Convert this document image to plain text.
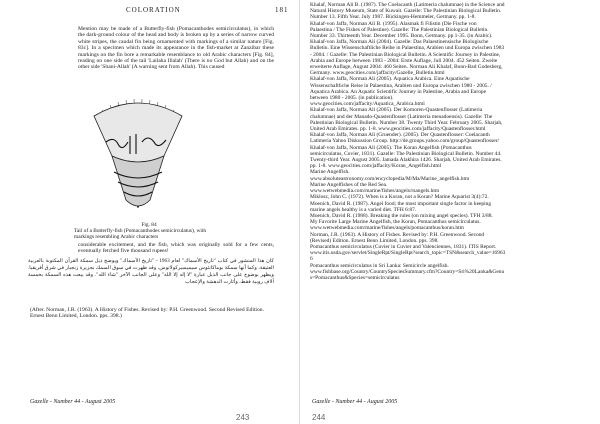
COLORATION	181

Mention may be made of a Butterfly-fish (Pomacanthodes semicirculatus), in which the dark-ground colour of the head and body is broken up by a series of narrow curved white stripes, the caudal fin being ornamented with markings of a similar nature [Fig. 83c]. In a specimen which made its appearance in the fish-market at Zanzibar these markings on the fin bore a remarkable resemblance to old Arabic characters [Fig. 84], reading on one side of the tail 'Lailaha Illalah' (There is no God but Allah) and on the other side 'Shani-Allah' (A warning sent from Allah). This caused

Fig. 84
Tail of a Butterfly-fish (Pomacanthodes semicirculatus), with markings resembling Arabic characters
considerable excitement, and the fish, which was originally sold for a few cents, eventually fetched five thousand rupees!
كان هذا المنشور في كتاب "تاريخ الأسماك" لعام 1963 - "تاريخ الأسماك" ويوضح ذيل سمكة القرآن المكتوبة بالعربية العتيقة، وكما أنها سمكة بوماكانثوس سيميسيركولاتوس، وقد ظهرت في سوق السمك بجزيرة زنجبار في شرق أفريقيا. ويظهر بوضوح على جانب الذيل عبارة "لا إله إلا الله" وعلى الجانب الآخر "شاء الله". وقد بيعت هذه السمكة بخمسة آلاف روبية فقط، وأثارت الدهشة والإعجاب
(After. Norman, J.R. (1963). A History of Fishes. Revised by: P.H. Greenwood. Second Revised Edition. Ernest Benn Limited, London. pps. 398.)
Gazelle - Number 44 - August 2005
243
Khalaf, Norman Ali B. (1987). The Coelacanth (Latimeria chalumnae) in the Science and
Natural History Museum, State of Kuwait. Gazelle: The Palestinian Biological Bulletin.
Number 13. Fifth Year. July 1987. Bückingen-Hemmeler, Germany. pp. 1-8.
Khalaf-von Jaffa, Norman Ali B. (1995). Alasmak fi Filistin (Die Fische von
Palaestina / The Fishes of Palestine). Gazelle: The Palestinian Biological Bulletin.
Number 33. Thirteenth Year. December 1995. Bonn, Germany. pp 1-35. (in Arabic).
Khalaf-von Jaffa, Norman Ali (2004). Gazelle: Das Palaestinensische Biologische
Bulletin. Eine Wissenschaftliche Reihe in Palaestina, Arabien und Europa zwischen 1983
- 2004. / Gazelle: The Palestinian Biological Bulletin. A Scientific Journey in Palestine,
Arabia and Europe between 1983 - 2004: Erste Auflage, Juli 2004. 452 Seiten. Zweite
erweiterte Auflage, August 2004: 460 Seiten. Norman Ali Khalaf, Bonn-Bad Godesberg,
Germany. www.geocities.com/jaffacity/Gazelle_Bulletin.html
Khalaf-von Jaffa, Norman Ali (2005). Aquatica Arabica. Eine Aquatische
Wissenschaftliche Reise in Palaestina, Arabien und Europa zwischen 1980 - 2005. /
Aquatica Arabica. An Aquatic Scientific Journey in Palestine, Arabia and Europe
between 1980 - 2005. (in publication).
www.geocities.com/jaffacity/Aquatica_Arabica.html
Khalaf-von Jaffa, Norman Ali (2005). Der Komoren-Quastenflosser (Latimeria
chalumnae) and der Manado-Quastenflosser (Latimeria menadoensis). Gazelle: The
Palestinian Biological Bulletin. Number 38. Twenty Third Year. February 2005. Sharjah,
United Arab Emirates. pp. 1-8. www.geocities.com/jaffacity/Quastenflosser.html
Khalaf-von Jaffa, Norman Ali (Gruender). (2005). Der Quastenflosser: Coelacanth
Latimeria Yahoo Diskussion Group. http://de.groups.yahoo.com/group/Quastenflosser/
Khalaf-von Jaffa, Norman Ali (2005). The Koran Angelfish (Pomacanthus
semicirculatus, Cuvier, 1831). Gazelle: The Palestinian Biological Bulletin. Number 44.
Twenty-third Year. August 2005. Jamada Alakhira 1426. Sharjah, United Arab Emirates.
pp. 1-8. www.geocities.com/jaffacity/Koran_Angelfish.html
Marine Angelfish.
www.absoluteastronomy.com/encyclopedia/M/Ma/Marine_angelfish.htm
Marine Angelfishes of the Red Sea.
www.wetwebmedia.com/marine/fishes/angels/rsangels.htm
Miklosz, John C. (1972). When is a Koran, not a Koran? Marine Aquarist 3(4):72.
Moenich, David R. (1987). Angel food; the most important single factor in keeping
marine angels healthy is a varied diet. TFH 6:87.
Moenich, David R. (1988). Breaking the rules (on mixing angel species). TFH 3/88.
My Favorite Large Marine Angelfish, the Koran, Pomacanthus semicirculatus.
www.wetwebmedia.com/marine/fishes/angels/pomacanthus/koran.htm
Norman, J.R. (1963). A History of Fishes. Revised by: P.H. Greenwood. Second
(Revised) Edition. Ernest Benn Limited, London. pps. 398.
Pomacanthus semicirculatus (Cuvier in Cuvier and Valenciennes, 1831). ITIS Report.
www.itis.usda.gov/servlet/SingleRpt/SingleRpt?search_topic=TSN&search_value=16963
6
Pomacanthus semicirculatus in Sri Lanka: Semicircle angelfish.
www.fishbase.org/Country/CountrySpeciesSummary.cfm?Country=Sri%20Lanka&Genu
s=Pomacanthus&Species=semicirculatus
Gazelle - Number 44 - August 2005
244
